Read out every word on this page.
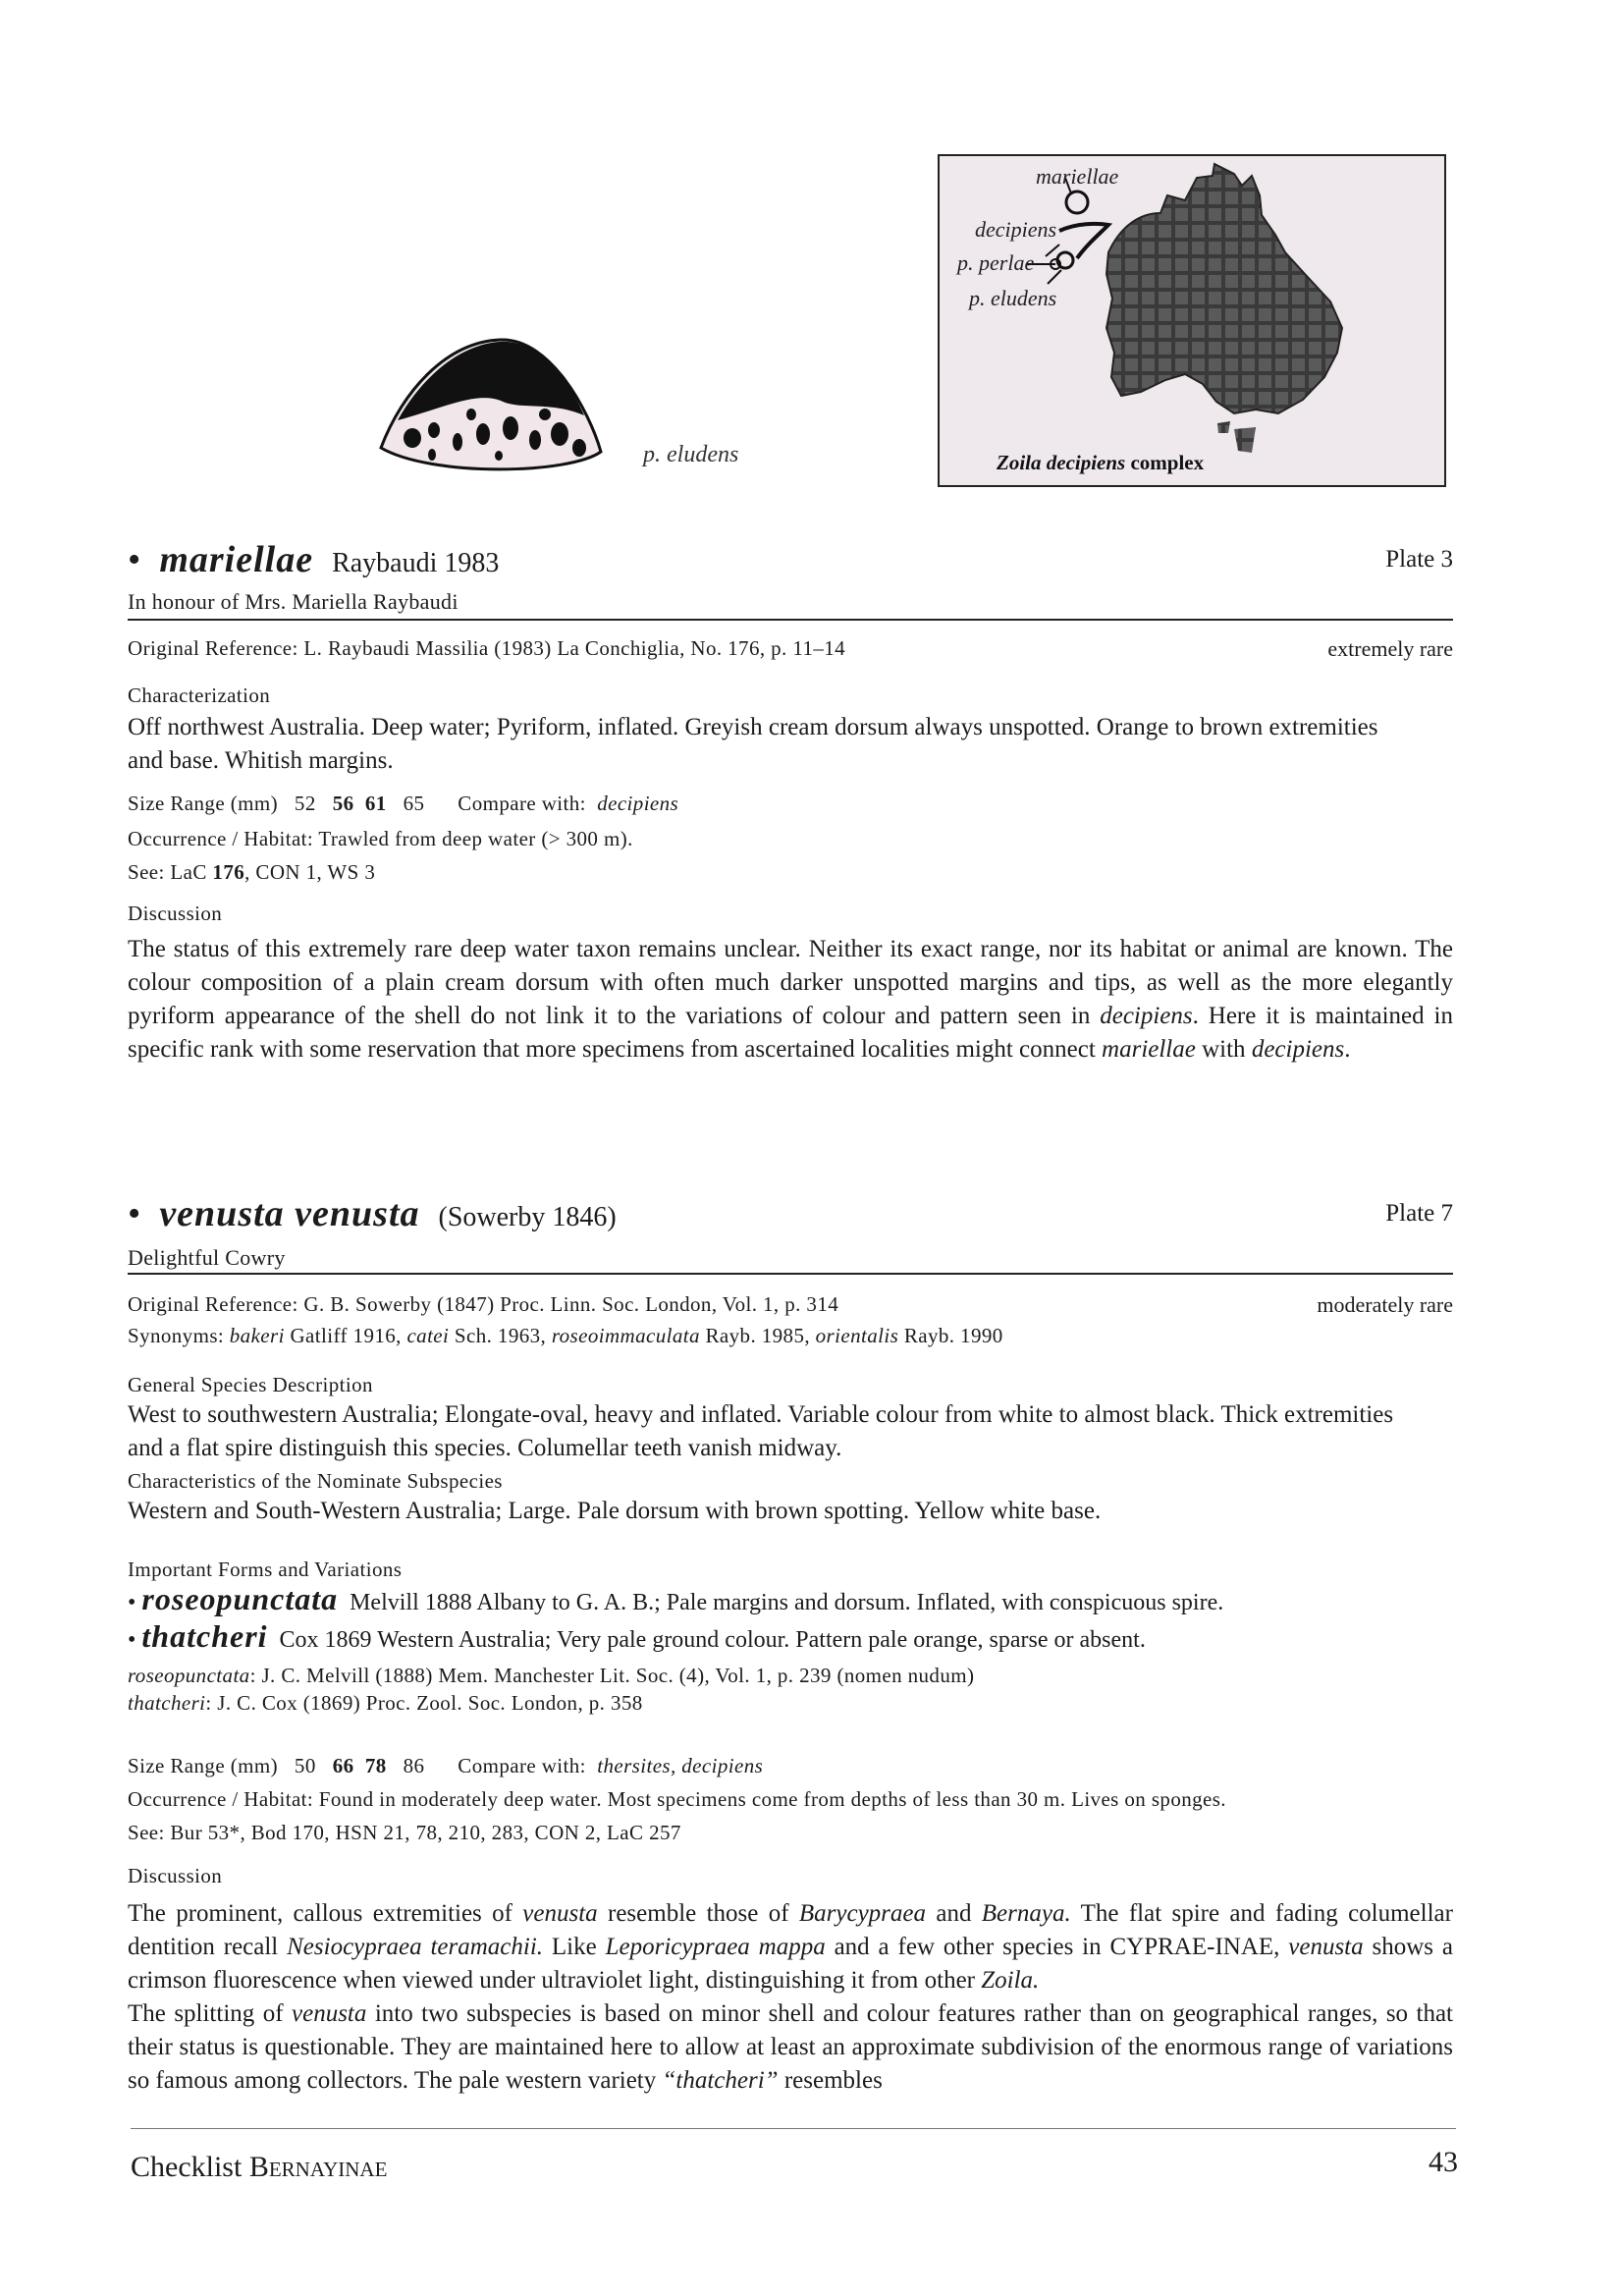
p. eludens
mariellae
decipiens
p. perlae
p. eludens
Zoila decipiens complex
• mariellae Raybaudi 1983	Plate 3
In honour of Mrs. Mariella Raybaudi
Original Reference: L. Raybaudi Massilia (1983) La Conchiglia, No. 176, p. 11–14	extremely rare
Characterization
Off northwest Australia. Deep water; Pyriform, inflated. Greyish cream dorsum always unspotted. Orange to brown extremities and base. Whitish margins.
Size Range (mm) 52 56 61 65 Compare with: decipiens
Occurrence / Habitat: Trawled from deep water (> 300 m).
See: LaC 176, CON 1, WS 3
Discussion
The status of this extremely rare deep water taxon remains unclear. Neither its exact range, nor its habitat or animal are known. The colour composition of a plain cream dorsum with often much darker unspotted margins and tips, as well as the more elegantly pyriform appearance of the shell do not link it to the variations of colour and pattern seen in decipiens. Here it is maintained in specific rank with some reservation that more specimens from ascertained localities might connect mariellae with decipiens.
• venusta venusta (Sowerby 1846)	Plate 7
Delightful Cowry
Original Reference: G. B. Sowerby (1847) Proc. Linn. Soc. London, Vol. 1, p. 314	moderately rare
Synonyms: bakeri Gatliff 1916, catei Sch. 1963, roseoimmaculata Rayb. 1985, orientalis Rayb. 1990
General Species Description
West to southwestern Australia; Elongate-oval, heavy and inflated. Variable colour from white to almost black. Thick extremities and a flat spire distinguish this species. Columellar teeth vanish midway.
Characteristics of the Nominate Subspecies
Western and South-Western Australia; Large. Pale dorsum with brown spotting. Yellow white base.
Important Forms and Variations
• roseopunctata Melvill 1888 Albany to G. A. B.; Pale margins and dorsum. Inflated, with conspicuous spire.
• thatcheri Cox 1869 Western Australia; Very pale ground colour. Pattern pale orange, sparse or absent.
roseopunctata: J. C. Melvill (1888) Mem. Manchester Lit. Soc. (4), Vol. 1, p. 239 (nomen nudum)
thatcheri: J. C. Cox (1869) Proc. Zool. Soc. London, p. 358
Size Range (mm) 50 66 78 86 Compare with: thersites, decipiens
Occurrence / Habitat: Found in moderately deep water. Most specimens come from depths of less than 30 m. Lives on sponges.
See: Bur 53*, Bod 170, HSN 21, 78, 210, 283, CON 2, LaC 257
Discussion
The prominent, callous extremities of venusta resemble those of Barycypraea and Bernaya. The flat spire and fading columellar dentition recall Nesiocypraea teramachii. Like Leporicypraea mappa and a few other species in CYPRAE-INAE, venusta shows a crimson fluorescence when viewed under ultraviolet light, distinguishing it from other Zoila.
The splitting of venusta into two subspecies is based on minor shell and colour features rather than on geographical ranges, so that their status is questionable. They are maintained here to allow at least an approximate subdivision of the enormous range of variations so famous among collectors. The pale western variety “thatcheri” resembles
Checklist Bernayinae	43
